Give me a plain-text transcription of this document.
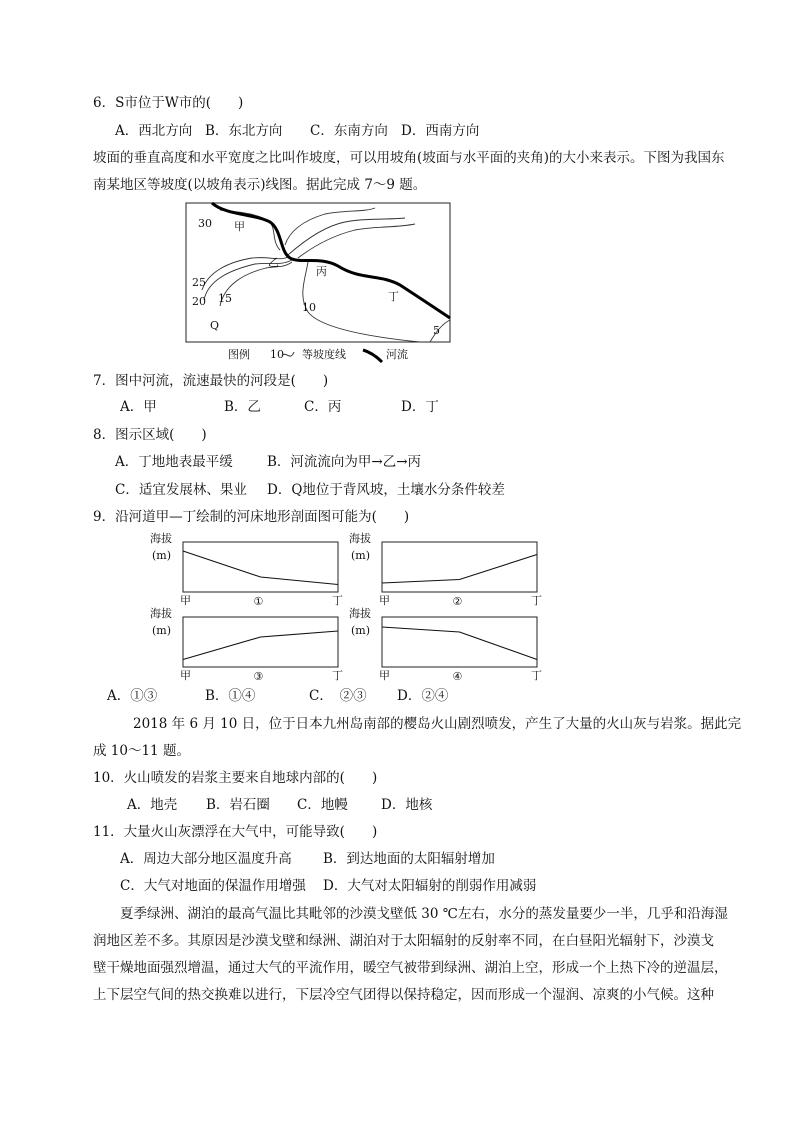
6．S市位于W市的(　　)
A．西北方向 B．东北方向 C．东南方向 D．西南方向
坡面的垂直高度和水平宽度之比叫作坡度，可以用坡角(坡面与水平面的夹角)的大小来表示。下图为我国东
南某地区等坡度(以坡角表示)线图。据此完成 7～9 题。
30
25
20 15
10
5
甲
乙
丙
丁
Q
图例 10 等坡度线	河流
7．图中河流，流速最快的河段是(　　)
A．甲	B．乙	C．丙	D．丁
8．图示区域(　　)
A．丁地地表最平缓	B．河流流向为甲→乙→丙
C．适宜发展林、果业 D．Q地位于背风坡，土壤水分条件较差
9．沿河道甲—丁绘制的河床地形剖面图可能为(　　)
海拔
(m)
甲	丁
①
海拔
(m)
甲	丁
②
海拔
(m)
甲	丁
③
海拔
(m)
甲	丁
④
A．①③	B．①④	C．　②③ D．②④
2018 年 6 月 10 日，位于日本九州岛南部的樱岛火山剧烈喷发，产生了大量的火山灰与岩浆。据此完
成 10～11 题。
10．火山喷发的岩浆主要来自地球内部的(　　)
A．地壳 B．岩石圈 C．地幔 D．地核
11．大量火山灰漂浮在大气中，可能导致(　　)
A．周边大部分地区温度升高 B．到达地面的太阳辐射增加
C．大气对地面的保温作用增强 D．大气对太阳辐射的削弱作用减弱
夏季绿洲、湖泊的最高气温比其毗邻的沙漠戈壁低 30 ℃左右，水分的蒸发量要少一半，几乎和沿海湿
润地区差不多。其原因是沙漠戈壁和绿洲、湖泊对于太阳辐射的反射率不同，在白昼阳光辐射下，沙漠戈
壁干燥地面强烈增温，通过大气的平流作用，暖空气被带到绿洲、湖泊上空，形成一个上热下冷的逆温层，
上下层空气间的热交换难以进行，下层冷空气团得以保持稳定，因而形成一个湿润、凉爽的小气候。这种
